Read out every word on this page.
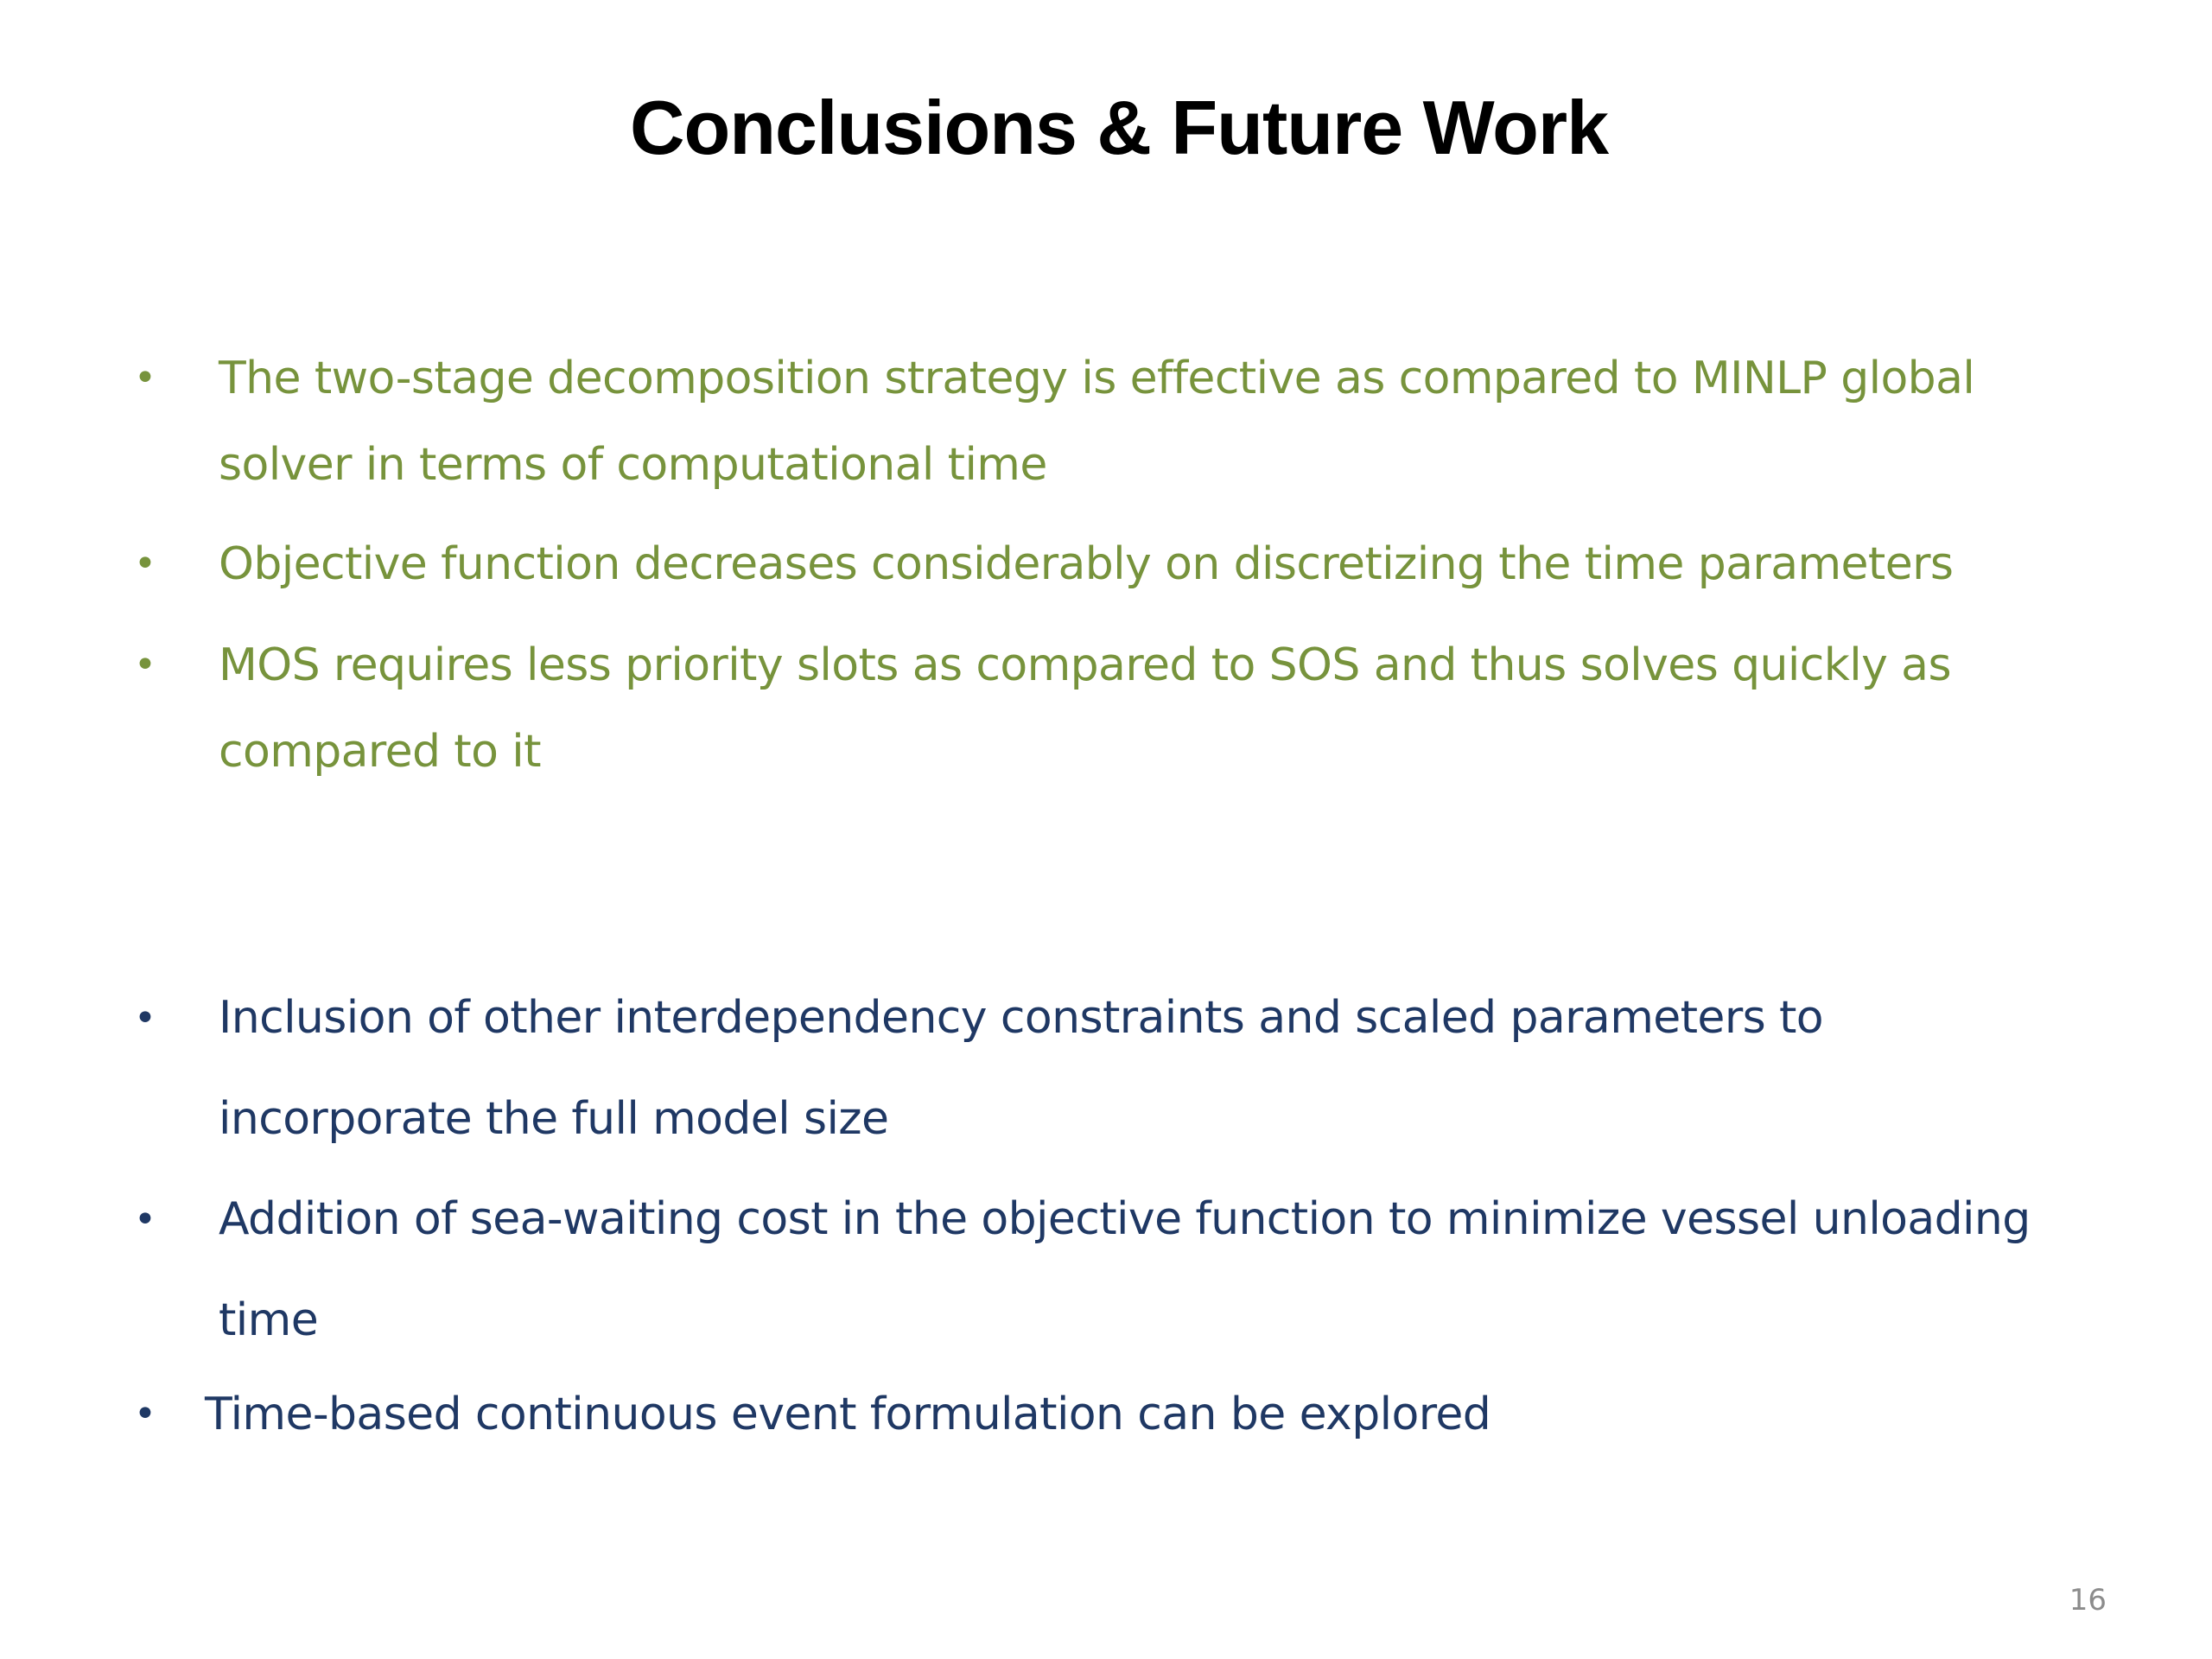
Conclusions & Future Work
• The two-stage decomposition strategy is effective as compared to MINLP global solver in terms of computational time
• Objective function decreases considerably on discretizing the time parameters
• MOS requires less priority slots as compared to SOS and thus solves quickly as compared to it
• Inclusion of other interdependency constraints and scaled parameters to incorporate the full model size
• Addition of sea-waiting cost in the objective function to minimize vessel unloading time
• Time-based continuous event formulation can be explored
16
